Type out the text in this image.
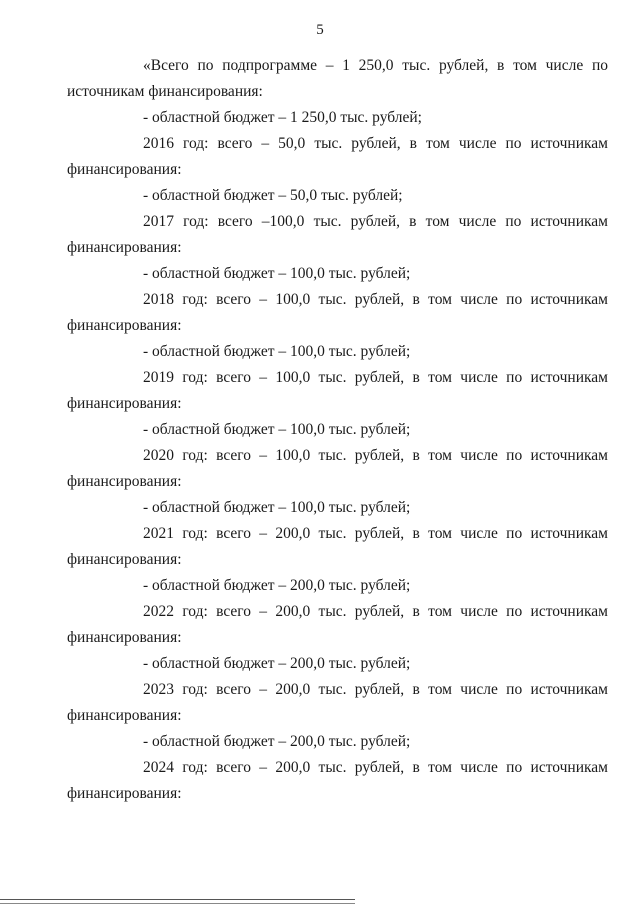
5
«Всего по подпрограмме – 1 250,0 тыс. рублей, в том числе по
источникам финансирования:
- областной бюджет – 1 250,0 тыс. рублей;
2016 год: всего – 50,0 тыс. рублей, в том числе по источникам
финансирования:
- областной бюджет – 50,0 тыс. рублей;
2017 год: всего –100,0 тыс. рублей, в том числе по источникам
финансирования:
- областной бюджет – 100,0 тыс. рублей;
2018 год: всего – 100,0 тыс. рублей, в том числе по источникам
финансирования:
- областной бюджет – 100,0 тыс. рублей;
2019 год: всего – 100,0 тыс. рублей, в том числе по источникам
финансирования:
- областной бюджет – 100,0 тыс. рублей;
2020 год: всего – 100,0 тыс. рублей, в том числе по источникам
финансирования:
- областной бюджет – 100,0 тыс. рублей;
2021 год: всего – 200,0 тыс. рублей, в том числе по источникам
финансирования:
- областной бюджет – 200,0 тыс. рублей;
2022 год: всего – 200,0 тыс. рублей, в том числе по источникам
финансирования:
- областной бюджет – 200,0 тыс. рублей;
2023 год: всего – 200,0 тыс. рублей, в том числе по источникам
финансирования:
- областной бюджет – 200,0 тыс. рублей;
2024 год: всего – 200,0 тыс. рублей, в том числе по источникам
финансирования:
